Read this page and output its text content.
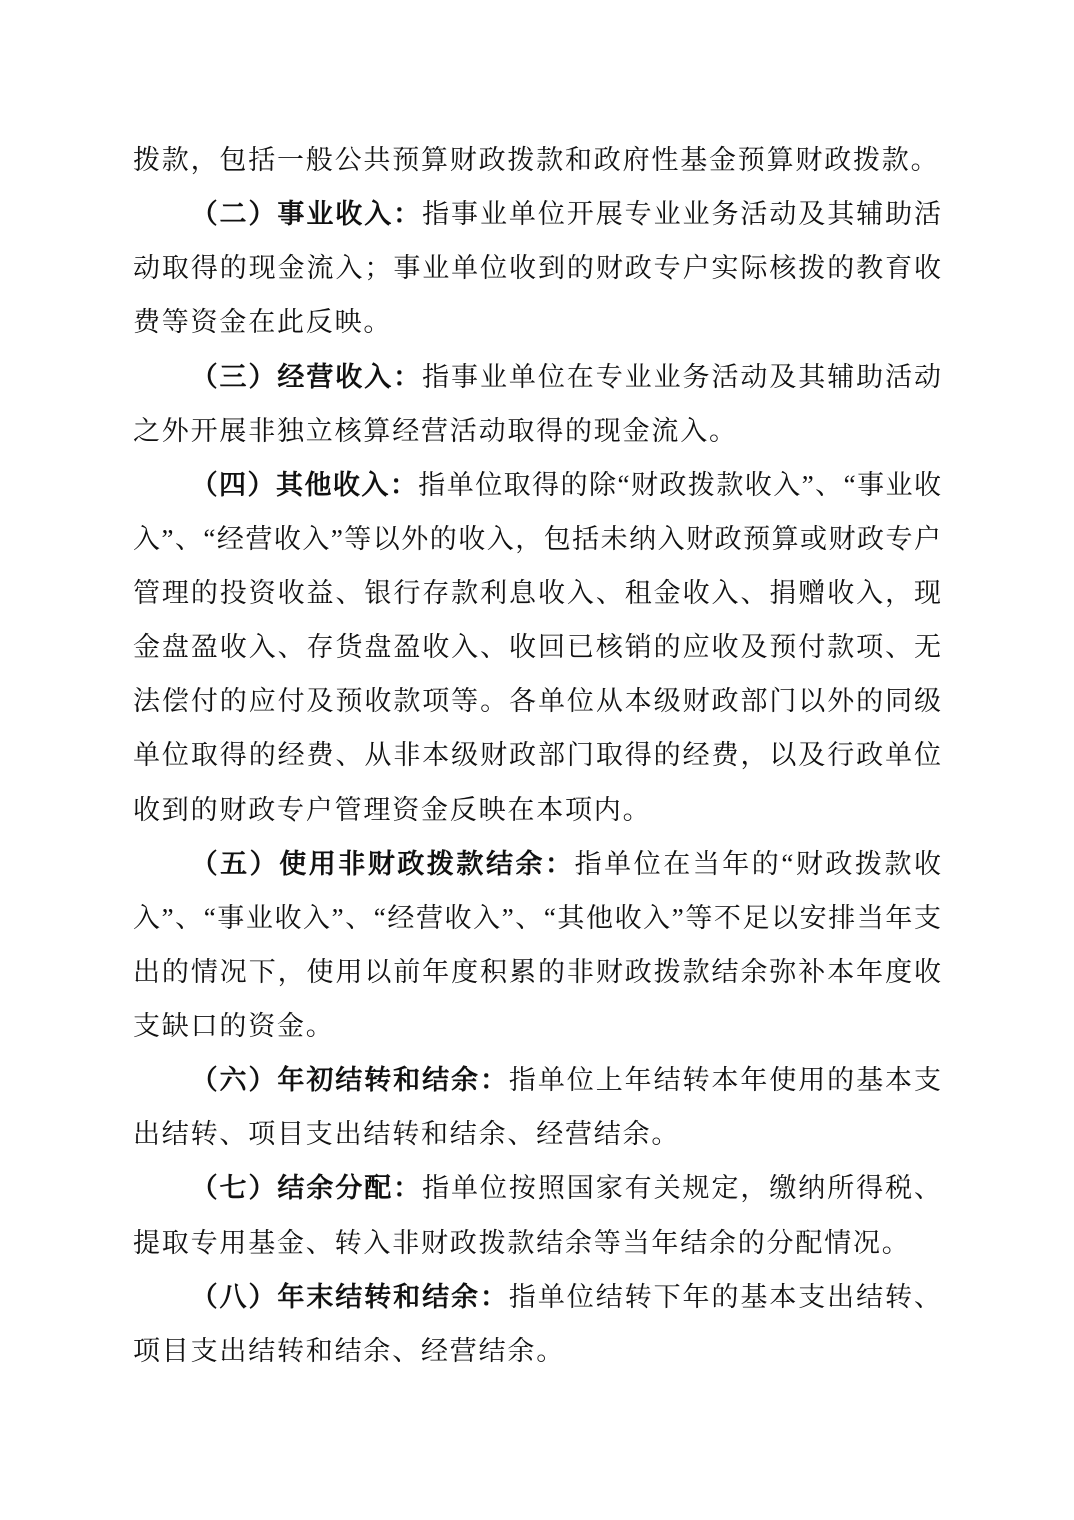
拨款，包括一般公共预算财政拨款和政府性基金预算财政拨款。
（二）事业收入：指事业单位开展专业业务活动及其辅助活
动取得的现金流入；事业单位收到的财政专户实际核拨的教育收
费等资金在此反映。
（三）经营收入：指事业单位在专业业务活动及其辅助活动
之外开展非独立核算经营活动取得的现金流入。
（四）其他收入：指单位取得的除“财政拨款收入”、“事业收
入”、“经营收入”等以外的收入，包括未纳入财政预算或财政专户
管理的投资收益、银行存款利息收入、租金收入、捐赠收入，现
金盘盈收入、存货盘盈收入、收回已核销的应收及预付款项、无
法偿付的应付及预收款项等。各单位从本级财政部门以外的同级
单位取得的经费、从非本级财政部门取得的经费，以及行政单位
收到的财政专户管理资金反映在本项内。
（五）使用非财政拨款结余：指单位在当年的“财政拨款收
入”、“事业收入”、“经营收入”、“其他收入”等不足以安排当年支
出的情况下，使用以前年度积累的非财政拨款结余弥补本年度收
支缺口的资金。
（六）年初结转和结余：指单位上年结转本年使用的基本支
出结转、项目支出结转和结余、经营结余。
（七）结余分配：指单位按照国家有关规定，缴纳所得税、
提取专用基金、转入非财政拨款结余等当年结余的分配情况。
（八）年末结转和结余：指单位结转下年的基本支出结转、
项目支出结转和结余、经营结余。
